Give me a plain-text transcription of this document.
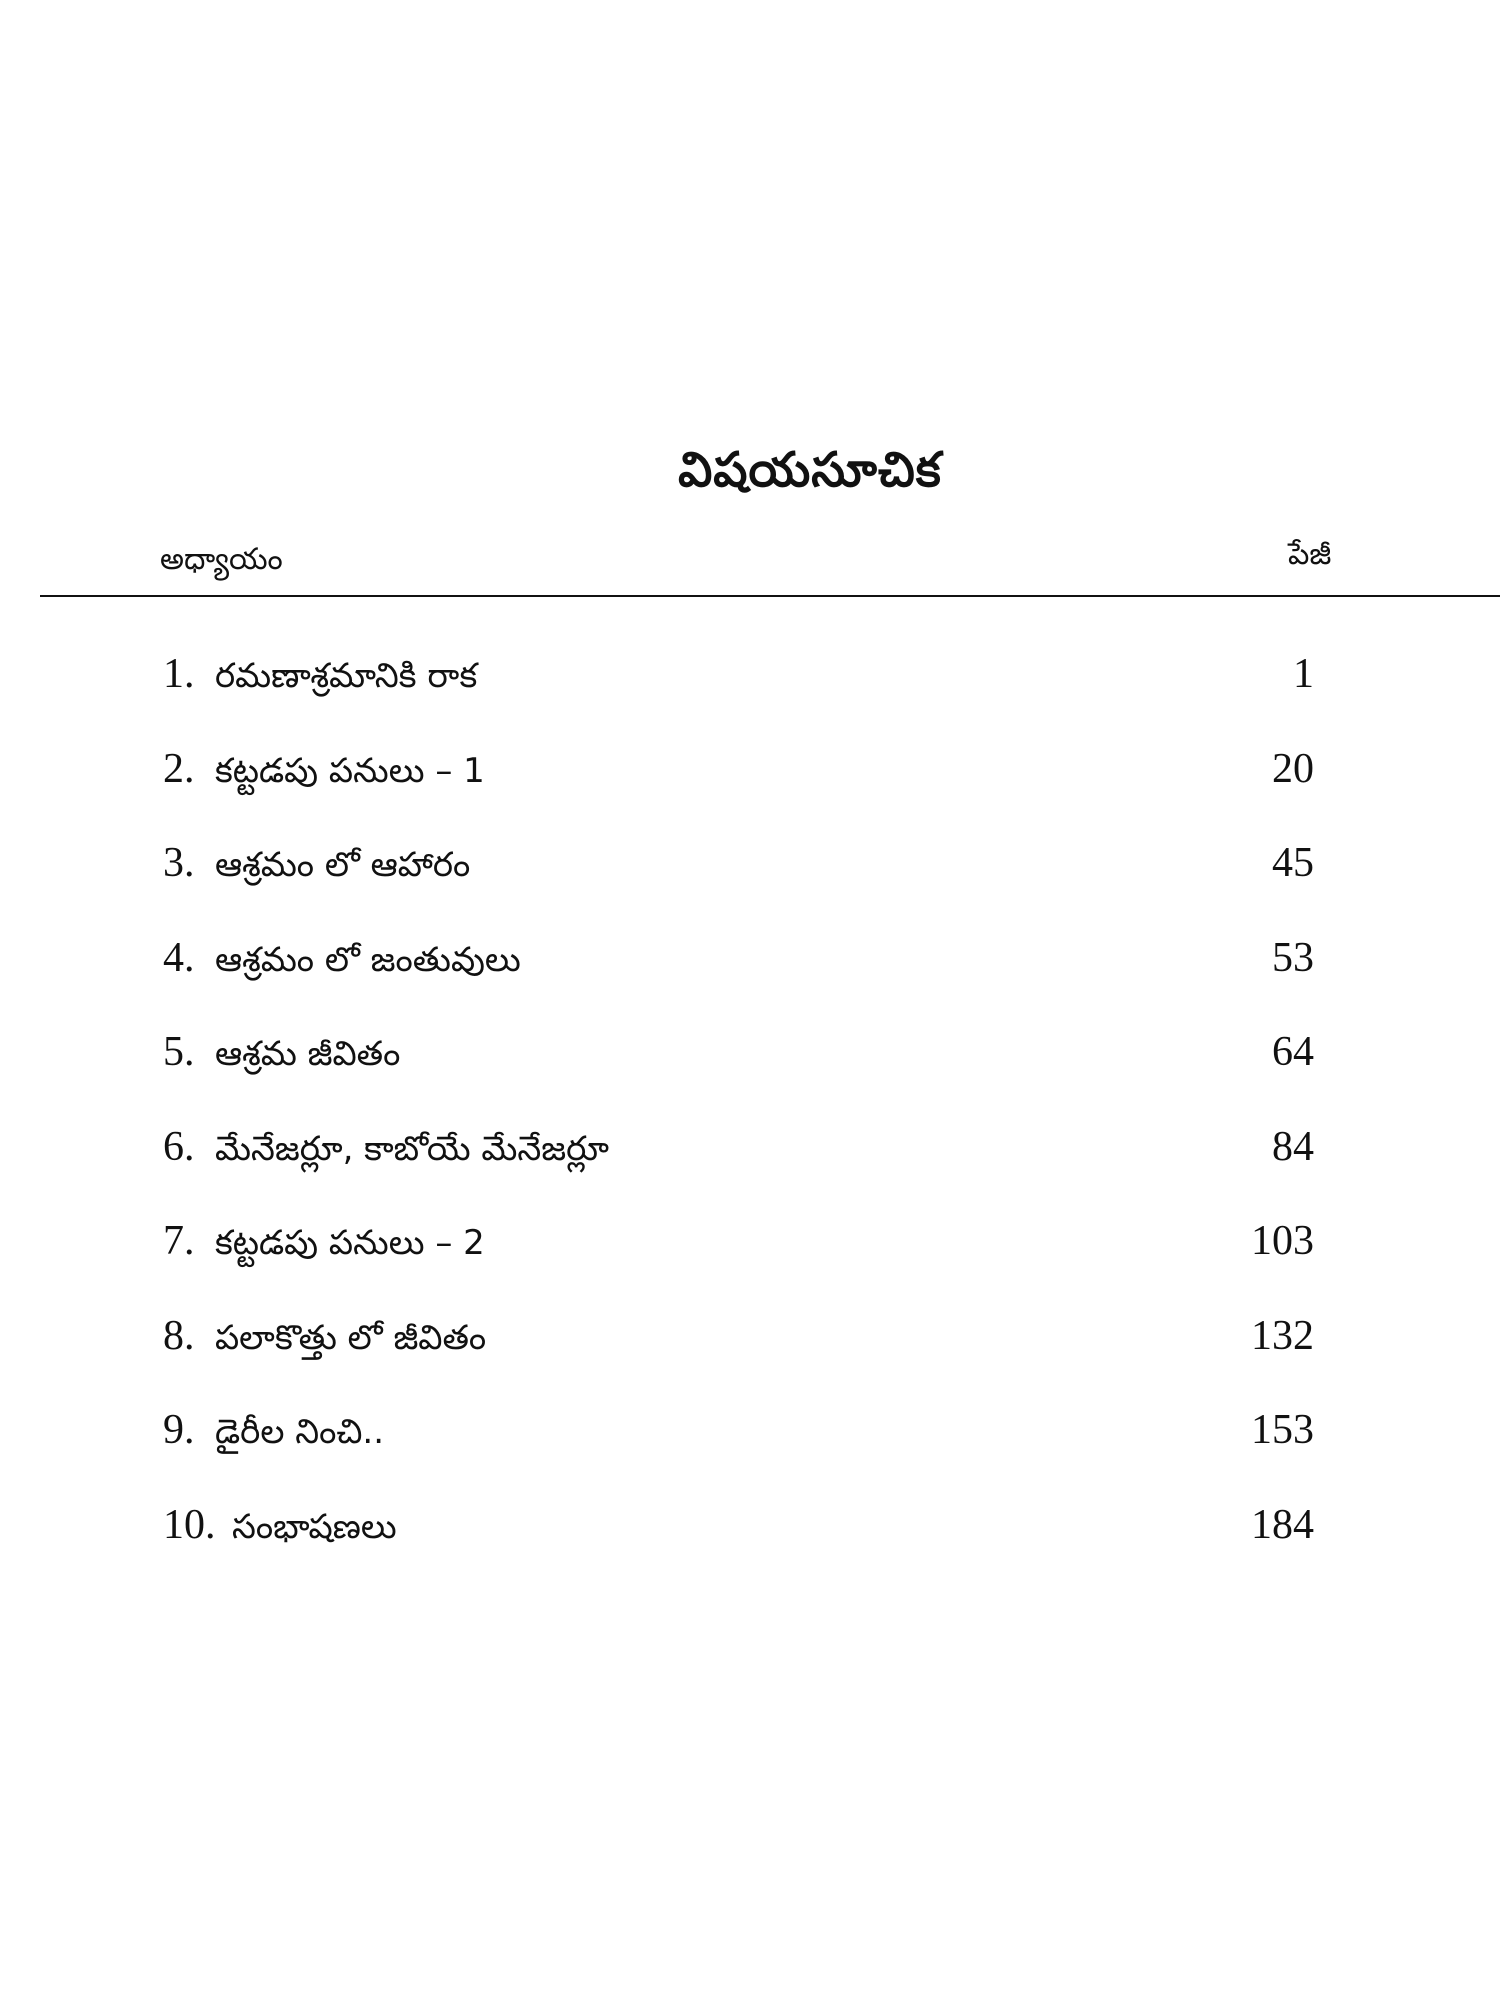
విషయసూచిక
అధ్యాయం	పేజీ
1. రమణాశ్రమానికి రాక	1
2. కట్టడపు పనులు – 1	20
3. ఆశ్రమం లో ఆహారం	45
4. ఆశ్రమం లో జంతువులు	53
5. ఆశ్రమ జీవితం	64
6. మేనేజర్లూ, కాబోయే మేనేజర్లూ	84
7. కట్టడపు పనులు – 2	103
8. పలాకొత్తు లో జీవితం	132
9. డైరీల నించి..	153
10. సంభాషణలు	184
